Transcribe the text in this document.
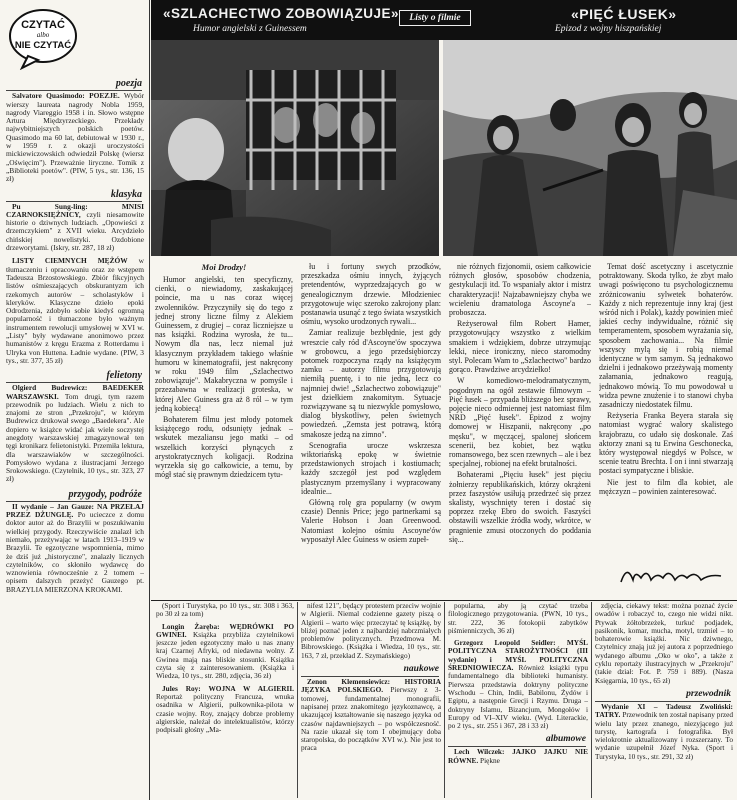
CZYTAĆ
albo
NIE CZYTAĆ
poezja
Salvatore Quasimodo: POEZJE. Wybór wierszy laureata nagrody Nobla 1959, nagrody Viareggio 1958 i in. Słowo wstępne Artura Międzyrzeckiego. Przekłady najwybitniejszych polskich poetów. Quasimodo ma 60 lat, debiutował w 1930 r., w 1959 r. z okazji uroczystości mickiewiczowskich odwiedził Polskę (wiersz „Oświęcim"). Przeważnie liryczne. Tomik z „Biblioteki poetów". (PIW, 5 tys., str. 136, 15 zł)
klasyka
Pu Sung-ling: MNISI CZARNOKSIĘŻNICY, czyli niesamowite historie o dziwnych ludziach. „Opowieści z drzemczykiem" z XVII wieku. Arcydzieło chińskiej nowelistyki. Ozdobione drzeworytami. (Iskry, str. 287, 18 zł)
LISTY CIEMNYCH MĘŻÓW w tłumaczeniu i opracowaniu oraz ze wstępem Tadeusza Brzostowskiego. Zbiór fikcyjnych listów ośmieszających obskurantyzm ich rzekomych autorów – scholastyków i kleryków. Klasyczne dzieło epoki Odrodzenia, zdobyło sobie kiedyś ogromną popularność i tłumaczone było ważnym instrumentem rewolucji umysłowej w XVI w. „Listy" były wydawane anonimowo przez humanistów z kręgu Erazma z Rotterdamu i Ulryka von Huttena. Ładnie wydane. (PIW, 3 tys., str. 377, 35 zł)
felietony
Olgierd Budrewicz: BAEDEKER WARSZAWSKI. Tom drugi, tym razem przewodnik po ludziach. Wielu z nich to znajomi ze stron „Przekroju", w którym Budrewicz drukował swego „Baedekera". Ale dopiero w książce widać jak wiele soczystej anegdoty warszawskiej zmagazynował ten tęgi kronikarz felietonistyki. Przemiła lektura, dla warszawiaków w szczególności. Pomysłowo wydana z ilustracjami Jerzego Srokowskiego. (Czytelnik, 10 tys., str. 323, 27 zł)
przygody, podróże
II wydanie – Jan Gauze: NA PRZEŁAJ PRZEZ DŻUNGLĘ. Po ucieczce z domu doktor autor aż do Brazylii w poszukiwaniu wielkiej przygody. Rzeczywiście znalazł ich niemało, przeżywając w latach 1913–1919 w Brazylii. Te egzotyczne wspomnienia, mimo że dziś już „historyczne", znalazły licznych czytelników, co skłoniło wydawcę do wznowienia równocześnie z 2 tomem – opisem dalszych przeżyć Gauzego pt. BRAZYLIA MIERZONA KROKAMI.
«SZLACHECTWO ZOBOWIĄZUJE»
Humor angielski z Guinessem
Listy o filmie	«PIĘĆ ŁUSEK»
Epizod z wojny hiszpańskiej
Moi Drodzy!

Humor angielski, ten specyficzny, cienki, o niewiadomy, zaskakującej poincie, ma u nas coraz więcej zwolenników. Przyczyniły się do tego z jednej strony liczne filmy z Alekiem Guinessem, z drugiej – coraz liczniejsze u nas książki. Rodzina wyrosła, że tu... Nowym dla nas, lecz niemal już klasycznym przykładem takiego właśnie humoru w kinematografii, jest nakręcony w roku 1949 film „Szlachectwo zobowiązuje". Makabryczna w pomyśle i przezabawna w realizacji groteska, w której Alec Guiness gra aż 8 ról – w tym jedną kobiecą!

Bohaterem filmu jest młody potomek książęcego rodu, odsunięty jednak – wskutek mezaliansu jego matki – od wszelkich korzyści płynących z arystokratycznych koligacji. Rodzina wyrzekła się go całkowicie, a temu, by mógł stać się prawnym dziedzicem tytu-

łu i fortuny swych przodków, przeszkadza ośmiu innych, żyjących pretendentów, wyprzedzających go w genealogicznym drzewie. Młodzieniec przygotowuje więc szeroko zakrojony plan: postanawia usunąć z tego świata wszystkich ośmiu, wysoko urodzonych rywali...

Zamiar realizuje bezbłędnie, jest gdy wreszcie cały ród d'Ascoyne'ów spoczywa w grobowcu, a jego przedsiębiorczy potomek rozpoczyna rządy na książęcym zamku – autorzy filmu przygotowują niemiłą puentę, i to nie jedną, lecz co najmniej dwie! „Szlachectwo zobowiązuje" jest dziełkiem znakomitym. Sytuacje rozwiązywane są tu niezwykle pomysłowo, dialog błyskotliwy, pełen świetnych powiedzeń. „Zemsta jest potrawą, którą smakosze jedzą na zimno".

Scenografia urocze wskrzesza wiktoriańską epokę w świetnie przedstawionych strojach i kostiumach; każdy szczegół jest pod względem plastycznym przemyślany i wypracowany idealnie...

Główną rolę gra popularny (w owym czasie) Dennis Price; jego partnerkami są Valerie Hobson i Joan Greenwood. Natomiast kolejno ośmiu Ascoyne'ów wyposażył Alec Guiness w osiem zupeł-

nie różnych fizjonomii, osiem całkowicie różnych głosów, sposobów chodzenia, gestykulacji itd. To wspaniały aktor i mistrz charakteryzacji! Najzabawniejszy chyba we wcieleniu dramatologa Ascoyne'a – proboszcza.

Reżyserował film Robert Hamer, przygotowujący wszystko z wielkim smakiem i wdziękiem, dobrze utrzymując lekki, niece ironiczny, nieco staromodny styl. Polecam Wam to „Szlachectwo" bardzo gorąco. Prawdziwe arcydziełko!

W komediowo-melodramatycznym, pogodnym na ogół zestawie filmowym – Pięć łusek – przypada bliższego bez sprawy, pojęcie nieco odmiennej jest natomiast film NRD „Pięć łusek". Epizod z wojny domowej w Hiszpanii, nakręcony „po męsku", w męczącej, spalonej słońcem scenerii, bez kobiet, bez wątku romansowego, bez scen rzewnych – ale i bez specjalnej, robionej na efekt brutalności.

Bohaterami „Pięciu łusek" jest pięciu żołnierzy republikańskich, którzy okrążeni przez faszystów usiłują przedrzeć się przez skalisty, wyschnięty teren i dostać się poprzez rzekę Ebro do swoich. Faszyści obstawili wszelkie źródła wody, wkrótce, w pragnienie zmusi otoczonych do poddania się...

Temat dość ascetyczny i ascetycznie potraktowany. Skoda tylko, że zbyt mało uwagi poświęcono tu psychologicznemu zróżnicowaniu sylwetek bohaterów. Każdy z nich reprezentuje inny kraj (jest wśród nich i Polak), każdy powinien mieć jakieś cechy indywidualne, różnić się temperamentem, sposobem wyrażania się, sposobem zachowania... Na filmie wszyscy mylą się i robią niemal identyczne w tym samym. Są jednakowo dzielni i jednakowo przeżywają momenty załamania, jednakowo reagują, jednakowo mówią. To mu powodował u widza pewne znużenie i to stanowi chyba zasadniczy niedostatek filmu.

Reżyseria Franka Beyera starała się natomiast wygrać walory skalistego krajobrazu, co udało się doskonale. Zaś aktorzy znani są tu Erwina Geschonecka, który występował niegdyś w Polsce, w scenie teatru Brechta. I on i inni stwarzają postaci sympatyczne i bliskie.

Nie jest to film dla kobiet, ale mężczyzn – powinien zainteresować.

Aleksandra
(Sport i Turystyka, po 10 tys., str. 308 i 363, po 30 zł za tom)
Longin Żaręba: WĘDRÓWKI PO GWINEI. Książka przybliża czytelnikowi jeszcze jeden egzotyczny mało u nas znany kraj Czarnej Afryki, od niedawna wolny. Z Gwinea mają nas bliskie stosunki. Książka czyta się z zainteresowaniem. (Książka i Wiedza, 10 tys., str. 280, zdjęcia, 36 zł)
Jules Roy: WOJNA W ALGIERII. Reportaż polityczny Francuza, wnuka osadnika w Algierii, pułkownika-pilota w czasie wojny. Roy, znający dobrze problemy algierskie, należał do intelektualistów, którzy podpisali głośny „Ma-
nifest 121", będący protestem przeciw wojnie w Algierii. Niemal codzienne gazety piszą o Algierii – warto więc przeczytać tę książkę, by bliżej poznać jeden z najbardziej nabrzmiałych problemów politycznych. Przedmowa M. Bibrowskiego. (Książka i Wiedza, 10 tys., str. 163, 7 zł, przekład Z. Szymańskiego)
naukowe
Zenon Klemensiewicz: HISTORIA JĘZYKA POLSKIEGO. Pierwszy z 3-tomowej, fundamentalnej monografii, napisanej przez znakomitego językoznawcę, a ukazującej kształtowanie się naszego języka od czasów najdawniejszych – po współczesność. Na razie ukazał się tom I obejmujący doba staropolska, do początków XVI w.). Nie jest to praca
popularna, aby ją czytać trzeba filologicznego przygotowania. (PWN, 10 tys., str. 222, 36 fotokopii zabytków piśmienniczych, 36 zł)
Grzegorz Leopold Seidler: MYŚL POLITYCZNA STAROŻYTNOŚCI (III wydanie) i MYŚL POLITYCZNA ŚREDNIOWIECZA. Również książki typu fundamentalnego dla biblioteki humanisty. Pierwsza przedstawia doktryny polityczne Wschodu – Chin, Indii, Babilonu, Żydów i Egiptu, a następnie Grecji i Rzymu. Druga – doktryny Islamu, Bizancjum, Mongołów i Europy od VI–XIV wieku. (Wyd. Literackie, po 2 tys., str. 255 i 367, 28 i 33 zł)
albumowe
Lech Wilczek: JAJKO JAJKU NIE RÓWNE. Piękne
zdjęcia, ciekawy tekst: można poznać życie owadów i robaczyć to, czego nie widzi nikt. Ptywak żółtobrzeżek, turkuć podjadek, pasikonik, komar, mucha, motyl, trzmiel – to bohaterowie książki. Nic dziwnego, Czytelnicy znają już jej autora z poprzedniego wydanego albumu „Oko w oko", a także z cyklu reportaży ilustracyjnych w „Przekroju" (takie dział: Fot. P. 759 i 889). (Nasza Księgarnia, 10 tys., 65 zł)
przewodnik
Wydanie XI – Tadeusz Zwoliński: TATRY. Przewodnik ten został napisany przed wielu laty przez znanego, niezyjącego już turystę, kartografa i fotografika. Był wielokrotnie aktualizowany i rozszerzany. To wydanie uzupełnił Józef Nyka. (Sport i Turystyka, 10 tys., str. 291, 32 zł)
